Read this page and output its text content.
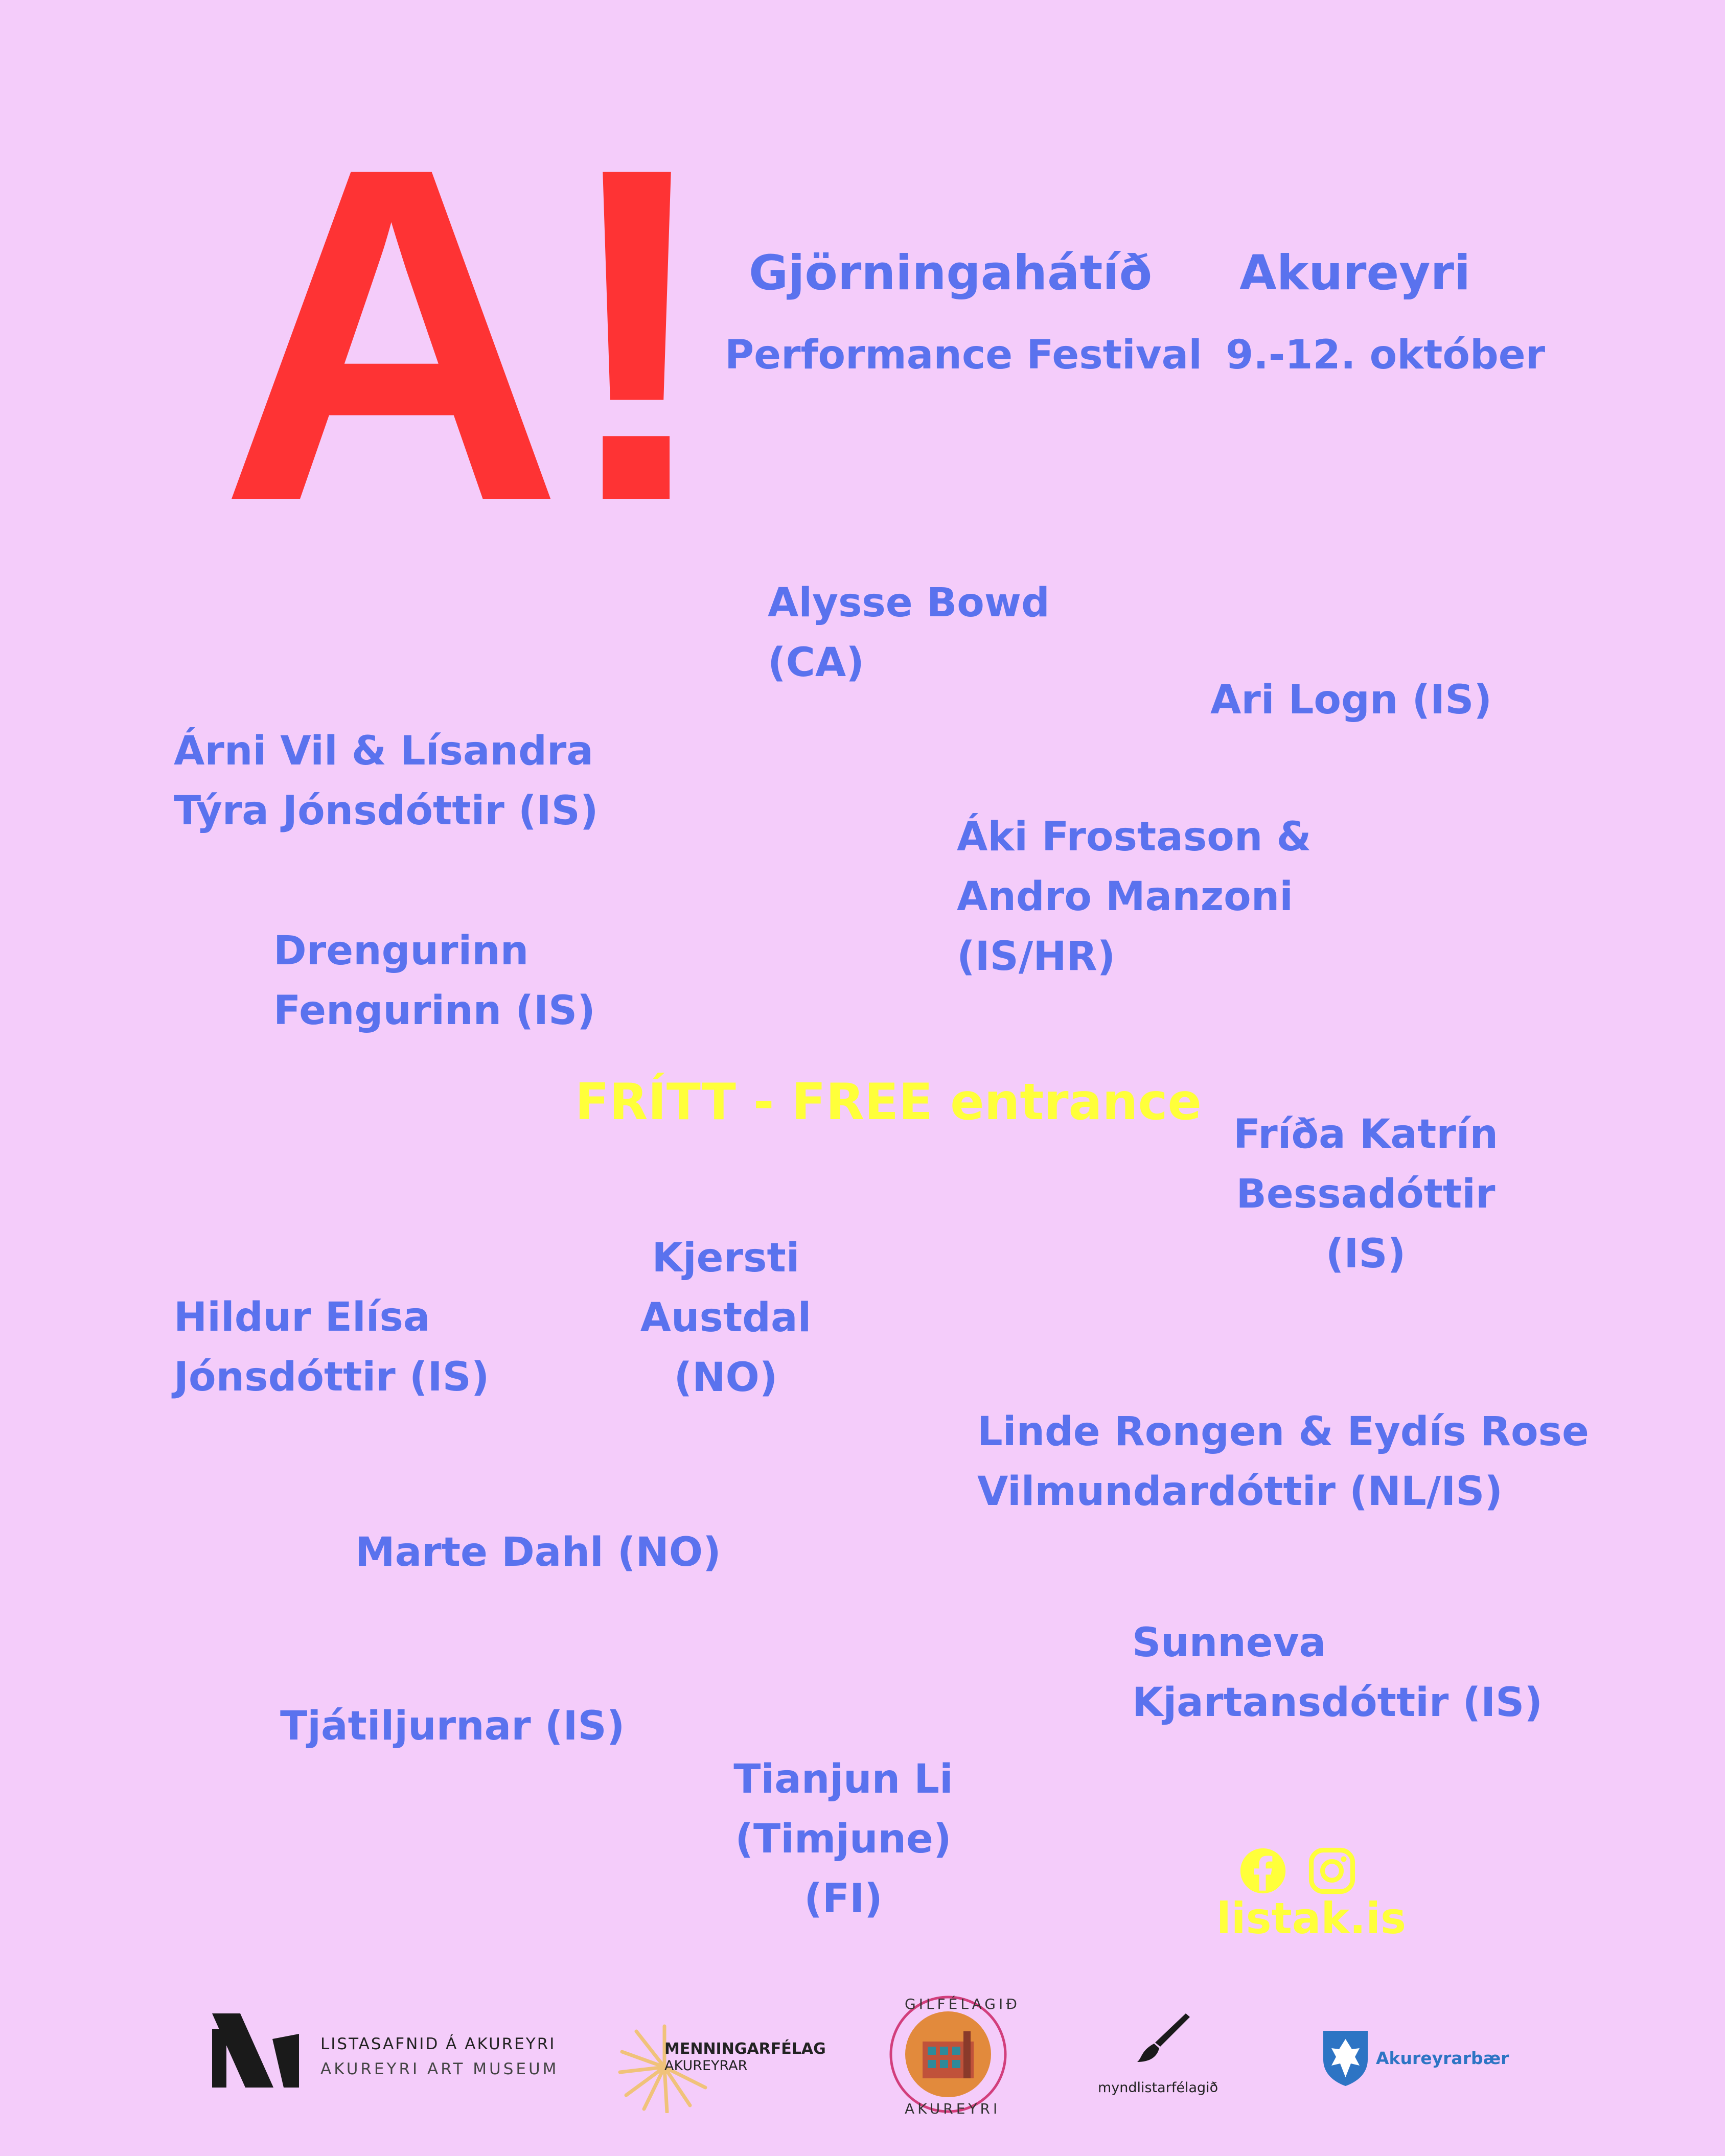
A! Gjörningahátíð Akureyri
Performance Festival 9.-12. október
Alysse Bowd
(CA)
Ari Logn (IS)
Árni Vil & Lísandra
Týra Jónsdóttir (IS)
Áki Frostason &
Andro Manzoni
(IS/HR)
Drengurinn
Fengurinn (IS)
FRÍTT - FREE entrance
Fríða Katrín
Bessadóttir
(IS)
Kjersti
Austdal
(NO)
Hildur Elísa
Jónsdóttir (IS)
Linde Rongen & Eydís Rose
Vilmundardóttir (NL/IS)
Marte Dahl (NO)
Sunneva
Kjartansdóttir (IS)
Tjátiljurnar (IS)
Tianjun Li
(Timjune)
(FI)	listak.is
LISTASAFNID Á AKUREYRI
AKUREYRI ART MUSEUM
MENNINGARFÉLAG
AKUREYRAR
GILFÉLAGIÐ
AKUREYRI
myndlistarfélagið
Akureyrarbær
